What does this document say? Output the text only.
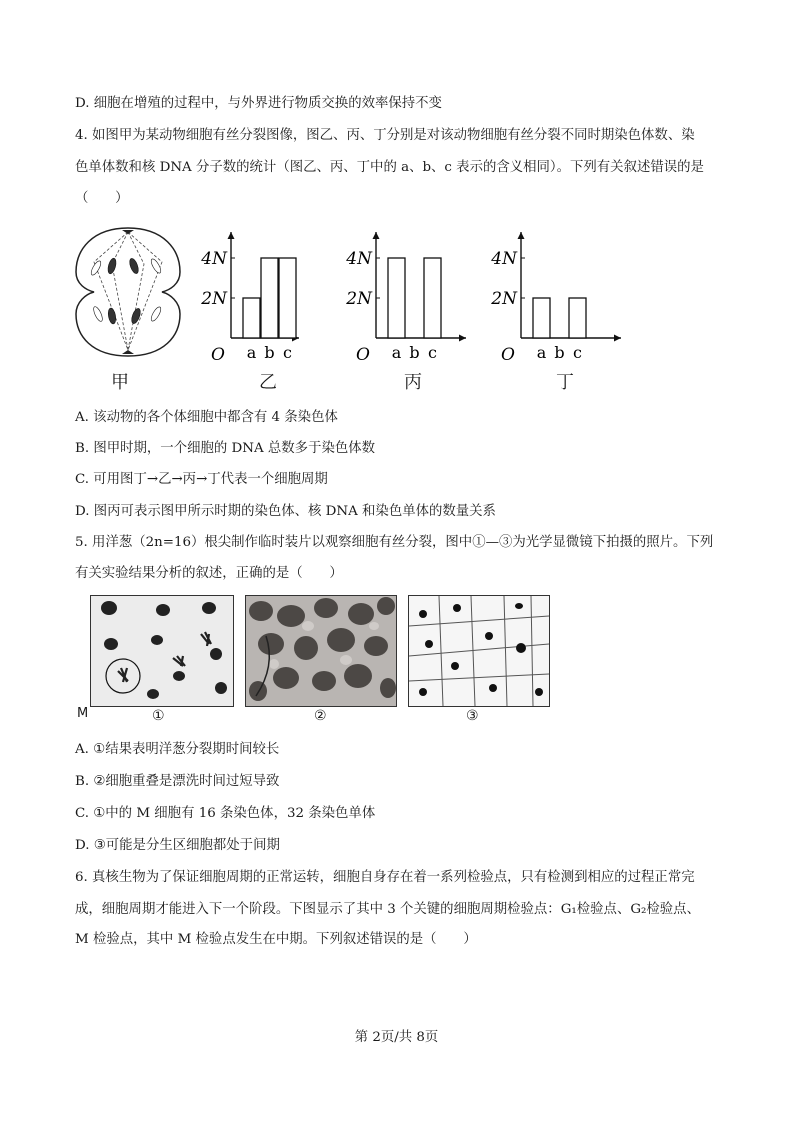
D. 细胞在增殖的过程中，与外界进行物质交换的效率保持不变
4. 如图甲为某动物细胞有丝分裂图像，图乙、丙、丁分别是对该动物细胞有丝分裂不同时期染色体数、染
色单体数和核 DNA 分子数的统计（图乙、丙、丁中的 a、b、c 表示的含义相同）。下列有关叙述错误的是
（　　）
甲
2N
4N
O a b c
2N
4N
O a b c
2N
4N
O a b c
乙	丙	丁
A. 该动物的各个体细胞中都含有 4 条染色体
B. 图甲时期，一个细胞的 DNA 总数多于染色体数
C. 可用图丁→乙→丙→丁代表一个细胞周期
D. 图丙可表示图甲所示时期的染色体、核 DNA 和染色单体的数量关系
5. 用洋葱（2n=16）根尖制作临时装片以观察细胞有丝分裂，图中①—③为光学显微镜下拍摄的照片。下列
有关实验结果分析的叙述，正确的是（　　）
M	①	②	③
A. ①结果表明洋葱分裂期时间较长
B. ②细胞重叠是漂洗时间过短导致
C. ①中的 M 细胞有 16 条染色体，32 条染色单体
D. ③可能是分生区细胞都处于间期
6. 真核生物为了保证细胞周期的正常运转，细胞自身存在着一系列检验点，只有检测到相应的过程正常完
成，细胞周期才能进入下一个阶段。下图显示了其中 3 个关键的细胞周期检验点：G₁检验点、G₂检验点、
M 检验点，其中 M 检验点发生在中期。下列叙述错误的是（　　）
第 2页/共 8页
